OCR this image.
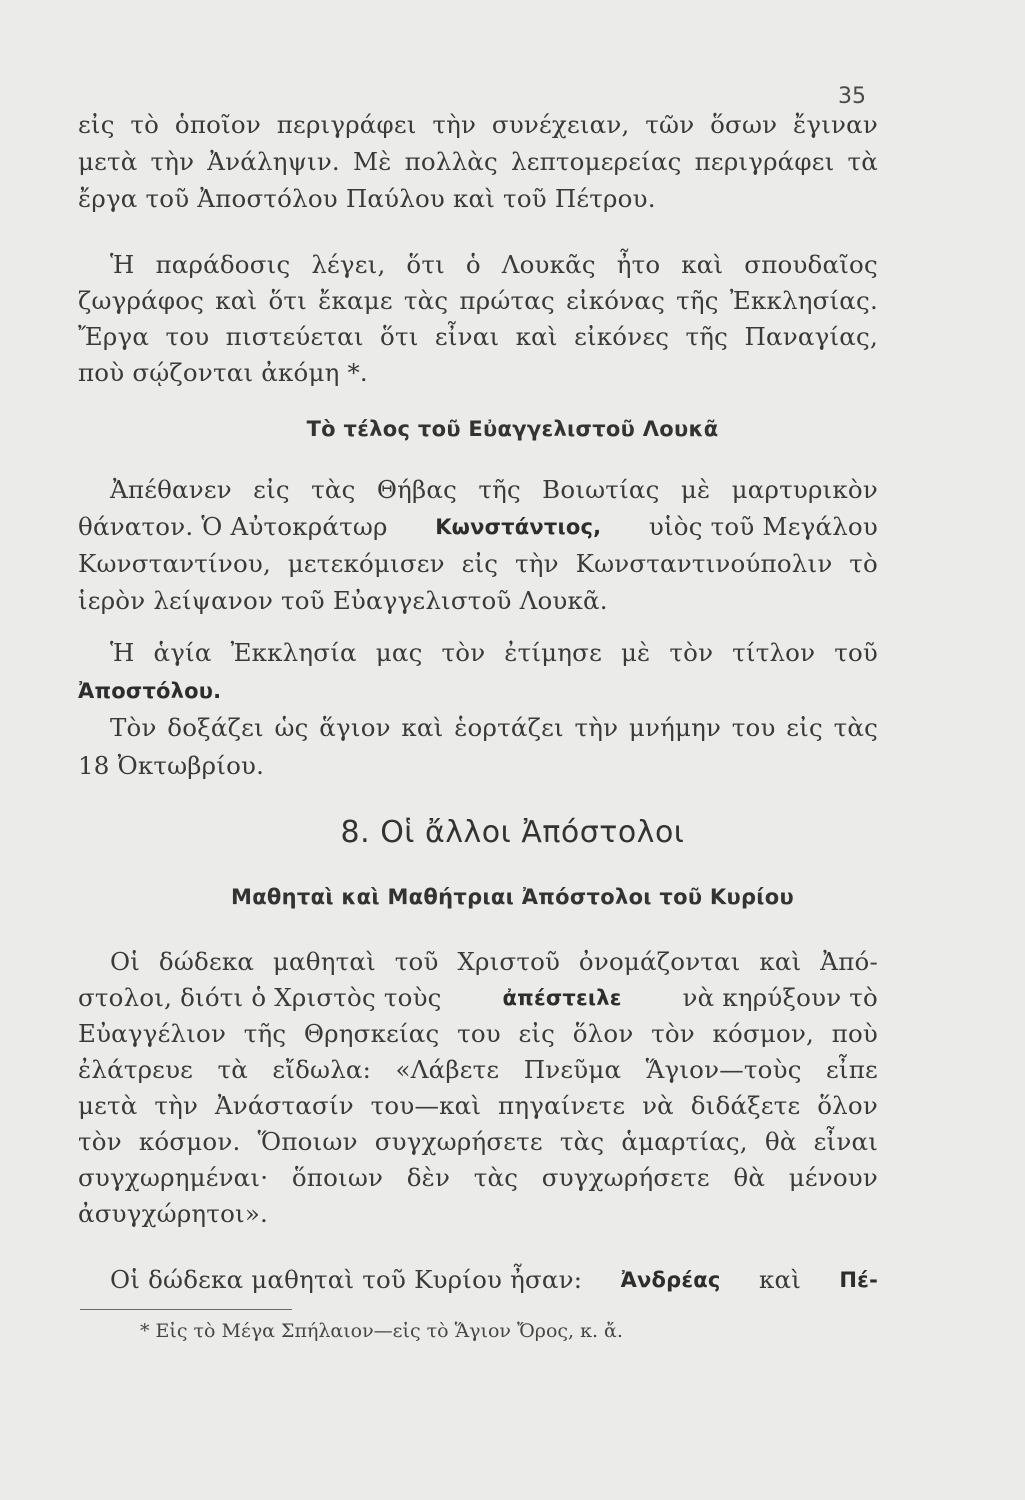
35
εἰς τὸ ὁποῖον περιγράφει τὴν συνέχειαν, τῶν ὅσων ἔγιναν
μετὰ τὴν Ἀνάληψιν. Μὲ πολλὰς λεπτομερείας περιγράφει τὰ
ἔργα τοῦ Ἀποστόλου Παύλου καὶ τοῦ Πέτρου.
Ἡ παράδοσις λέγει, ὅτι ὁ Λουκᾶς ἦτο καὶ σπουδαῖος
ζωγράφος καὶ ὅτι ἔκαμε τὰς πρώτας εἰκόνας τῆς Ἐκκλησίας.
Ἔργα του πιστεύεται ὅτι εἶναι καὶ εἰκόνες τῆς Παναγίας,
ποὺ σῴζονται ἀκόμη *.
Τὸ τέλος τοῦ Εὐαγγελιστοῦ Λουκᾶ
Ἀπέθανεν εἰς τὰς Θήβας τῆς Βοιωτίας μὲ μαρτυρικὸν
θάνατον. Ὁ Αὐτοκράτωρ Κωνστάντιος, υἱὸς τοῦ Μεγάλου
Κωνσταντίνου, μετεκόμισεν εἰς τὴν Κωνσταντινούπολιν τὸ
ἱερὸν λείψανον τοῦ Εὐαγγελιστοῦ Λουκᾶ.
Ἡ ἁγία Ἐκκλησία μας τὸν ἐτίμησε μὲ τὸν τίτλον τοῦ
Ἀποστόλου.
Τὸν δοξάζει ὡς ἅγιον καὶ ἑορτάζει τὴν μνήμην του εἰς τὰς
18 Ὀκτωβρίου.
8. Οἱ ἄλλοι Ἀπόστολοι
Μαθηταὶ καὶ Μαθήτριαι Ἀπόστολοι τοῦ Κυρίου
Οἱ δώδεκα μαθηταὶ τοῦ Χριστοῦ ὀνομάζονται καὶ Ἀπό-
στολοι, διότι ὁ Χριστὸς τοὺς	ἀπέστειλε νὰ κηρύξουν τὸ
Εὐαγγέλιον τῆς Θρησκείας του εἰς ὅλον τὸν κόσμον, ποὺ
ἐλάτρευε τὰ εἴδωλα: «Λάβετε Πνεῦμα Ἅγιον—τοὺς εἶπε
μετὰ τὴν Ἀνάστασίν του—καὶ πηγαίνετε νὰ διδάξετε ὅλον
τὸν κόσμον. Ὅποιων συγχωρήσετε τὰς ἁμαρτίας, θὰ εἶναι
συγχωρημέναι· ὅποιων δὲν τὰς συγχωρήσετε θὰ μένουν
ἀσυγχώρητοι».
Οἱ δώδεκα μαθηταὶ τοῦ Κυρίου ἦσαν: Ἀνδρέας καὶ Πέ-
* Εἰς τὸ Μέγα Σπήλαιον—εἰς τὸ Ἅγιον Ὄρος, κ. ἄ.
